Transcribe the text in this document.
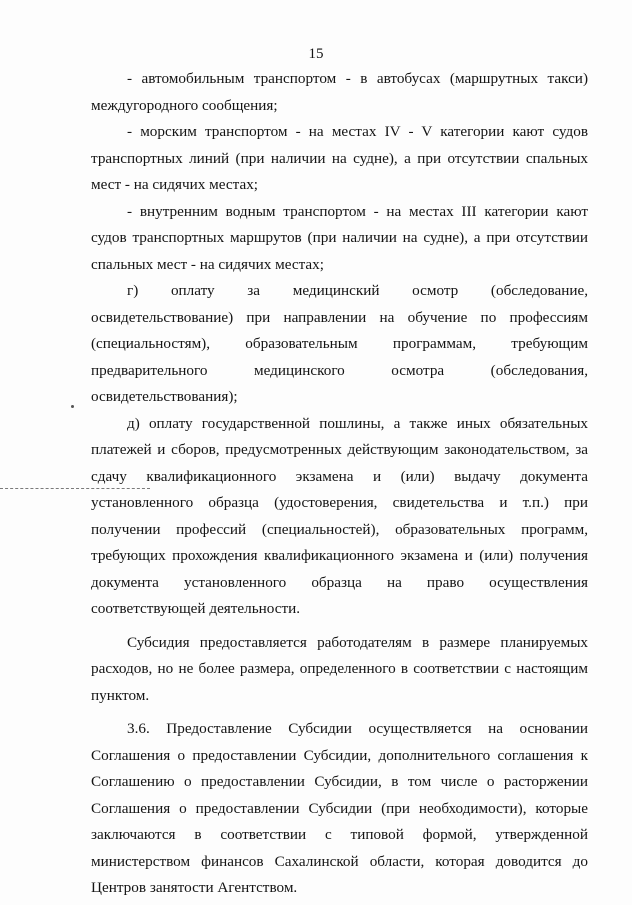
15

- автомобильным транспортом - в автобусах (маршрутных такси) междугородного сообщения;

- морским транспортом - на местах IV - V категории кают судов транспортных линий (при наличии на судне), а при отсутствии спальных мест - на сидячих местах;

- внутренним водным транспортом - на местах III категории кают судов транспортных маршрутов (при наличии на судне), а при отсутствии спальных мест - на сидячих местах;

г) оплату за медицинский осмотр (обследование, освидетельствование) при направлении на обучение по профессиям (специальностям), образовательным программам, требующим предварительного медицинского осмотра (обследования, освидетельствования);

д) оплату государственной пошлины, а также иных обязательных платежей и сборов, предусмотренных действующим законодательством, за сдачу квалификационного экзамена и (или) выдачу документа установленного образца (удостоверения, свидетельства и т.п.) при получении профессий (специальностей), образовательных программ, требующих прохождения квалификационного экзамена и (или) получения документа установленного образца на право осуществления соответствующей деятельности.

Субсидия предоставляется работодателям в размере планируемых расходов, но не более размера, определенного в соответствии с настоящим пунктом.

3.6. Предоставление Субсидии осуществляется на основании Соглашения о предоставлении Субсидии, дополнительного соглашения к Соглашению о предоставлении Субсидии, в том числе о расторжении Соглашения о предоставлении Субсидии (при необходимости), которые заключаются в соответствии с типовой формой, утвержденной министерством финансов Сахалинской области, которая доводится до Центров занятости Агентством.
